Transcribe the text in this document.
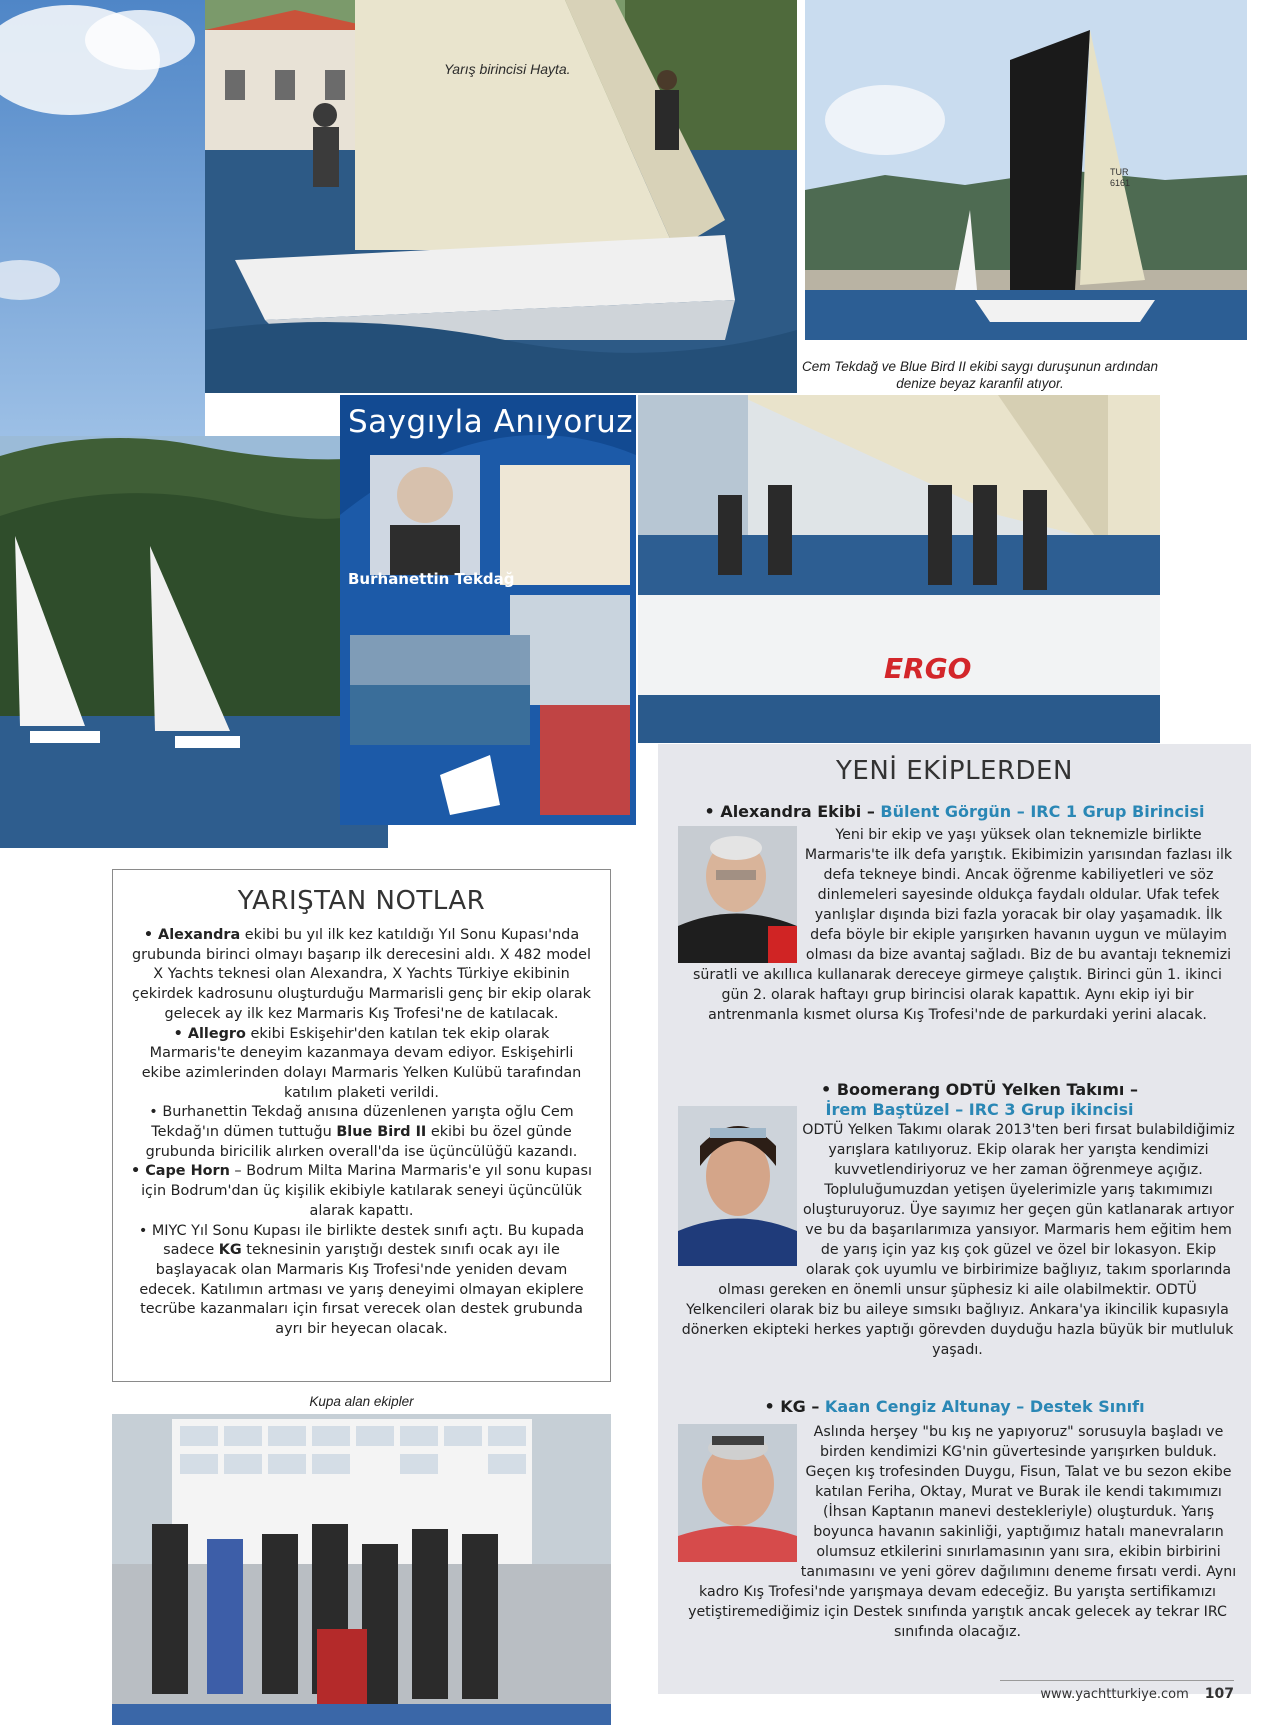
Yarış birincisi Hayta.
TUR
6161
Cem Tekdağ ve Blue Bird II ekibi saygı duruşunun ardından denize beyaz karanfil atıyor.
Saygıyla Anıyoruz
Burhanettin Tekdağ
ERGO
YARIŞTAN NOTLAR

• Alexandra ekibi bu yıl ilk kez katıldığı Yıl Sonu Kupası'nda grubunda birinci olmayı başarıp ilk derecesini aldı. X 482 model X Yachts teknesi olan Alexandra, X Yachts Türkiye ekibinin çekirdek kadrosunu oluşturduğu Marmarisli genç bir ekip olarak gelecek ay ilk kez Marmaris Kış Trofesi'ne de katılacak.
• Allegro ekibi Eskişehir'den katılan tek ekip olarak Marmaris'te deneyim kazanmaya devam ediyor. Eskişehirli ekibe azimlerinden dolayı Marmaris Yelken Kulübü tarafından katılım plaketi verildi.
• Burhanettin Tekdağ anısına düzenlenen yarışta oğlu Cem Tekdağ'ın dümen tuttuğu Blue Bird II ekibi bu özel günde grubunda biricilik alırken overall'da ise üçüncülüğü kazandı.
• Cape Horn – Bodrum Milta Marina Marmaris'e yıl sonu kupası için Bodrum'dan üç kişilik ekibiyle katılarak seneyi üçüncülük alarak kapattı.
• MIYC Yıl Sonu Kupası ile birlikte destek sınıfı açtı. Bu kupada sadece KG teknesinin yarıştığı destek sınıfı ocak ayı ile başlayacak olan Marmaris Kış Trofesi'nde yeniden devam edecek. Katılımın artması ve yarış deneyimi olmayan ekiplere tecrübe kazanmaları için fırsat verecek olan destek grubunda ayrı bir heyecan olacak.

Kupa alan ekipler
YENİ EKİPLERDEN
• Alexandra Ekibi – Bülent Görgün – IRC 1 Grup Birincisi
Yeni bir ekip ve yaşı yüksek olan teknemizle birlikte Marmaris'te ilk defa yarıştık. Ekibimizin yarısından fazlası ilk defa tekneye bindi. Ancak öğrenme kabiliyetleri ve söz dinlemeleri sayesinde oldukça faydalı oldular. Ufak tefek yanlışlar dışında bizi fazla yoracak bir olay yaşamadık. İlk defa böyle bir ekiple yarışırken havanın uygun ve mülayim olması da bize avantaj sağladı. Biz de bu avantajı teknemizi süratli ve akıllıca kullanarak dereceye girmeye çalıştık. Birinci gün 1. ikinci gün 2. olarak haftayı grup birincisi olarak kapattık. Aynı ekip iyi bir antrenmanla kısmet olursa Kış Trofesi'nde de parkurdaki yerini alacak.
• Boomerang ODTÜ Yelken Takımı –
İrem Baştüzel – IRC 3 Grup ikincisi
ODTÜ Yelken Takımı olarak 2013'ten beri fırsat bulabildiğimiz yarışlara katılıyoruz. Ekip olarak her yarışta kendimizi kuvvetlendiriyoruz ve her zaman öğrenmeye açığız. Topluluğumuzdan yetişen üyelerimizle yarış takımımızı oluşturuyoruz. Üye sayımız her geçen gün katlanarak artıyor ve bu da başarılarımıza yansıyor. Marmaris hem eğitim hem de yarış için yaz kış çok güzel ve özel bir lokasyon. Ekip olarak çok uyumlu ve birbirimize bağlıyız, takım sporlarında olması gereken en önemli unsur şüphesiz ki aile olabilmektir. ODTÜ Yelkencileri olarak biz bu aileye sımsıkı bağlıyız. Ankara'ya ikincilik kupasıyla dönerken ekipteki herkes yaptığı görevden duyduğu hazla büyük bir mutluluk yaşadı.
• KG – Kaan Cengiz Altunay – Destek Sınıfı
Aslında herşey "bu kış ne yapıyoruz" sorusuyla başladı ve birden kendimizi KG'nin güvertesinde yarışırken bulduk. Geçen kış trofesinden Duygu, Fisun, Talat ve bu sezon ekibe katılan Feriha, Oktay, Murat ve Burak ile kendi takımımızı (İhsan Kaptanın manevi destekleriyle) oluşturduk. Yarış boyunca havanın sakinliği, yaptığımız hatalı manevraların olumsuz etkilerini sınırlamasının yanı sıra, ekibin birbirini tanımasını ve yeni görev dağılımını deneme fırsatı verdi. Aynı kadro Kış Trofesi'nde yarışmaya devam edeceğiz. Bu yarışta sertifikamızı yetiştiremediğimiz için Destek sınıfında yarıştık ancak gelecek ay tekrar IRC sınıfında olacağız.
www.yachtturkiye.com 107
